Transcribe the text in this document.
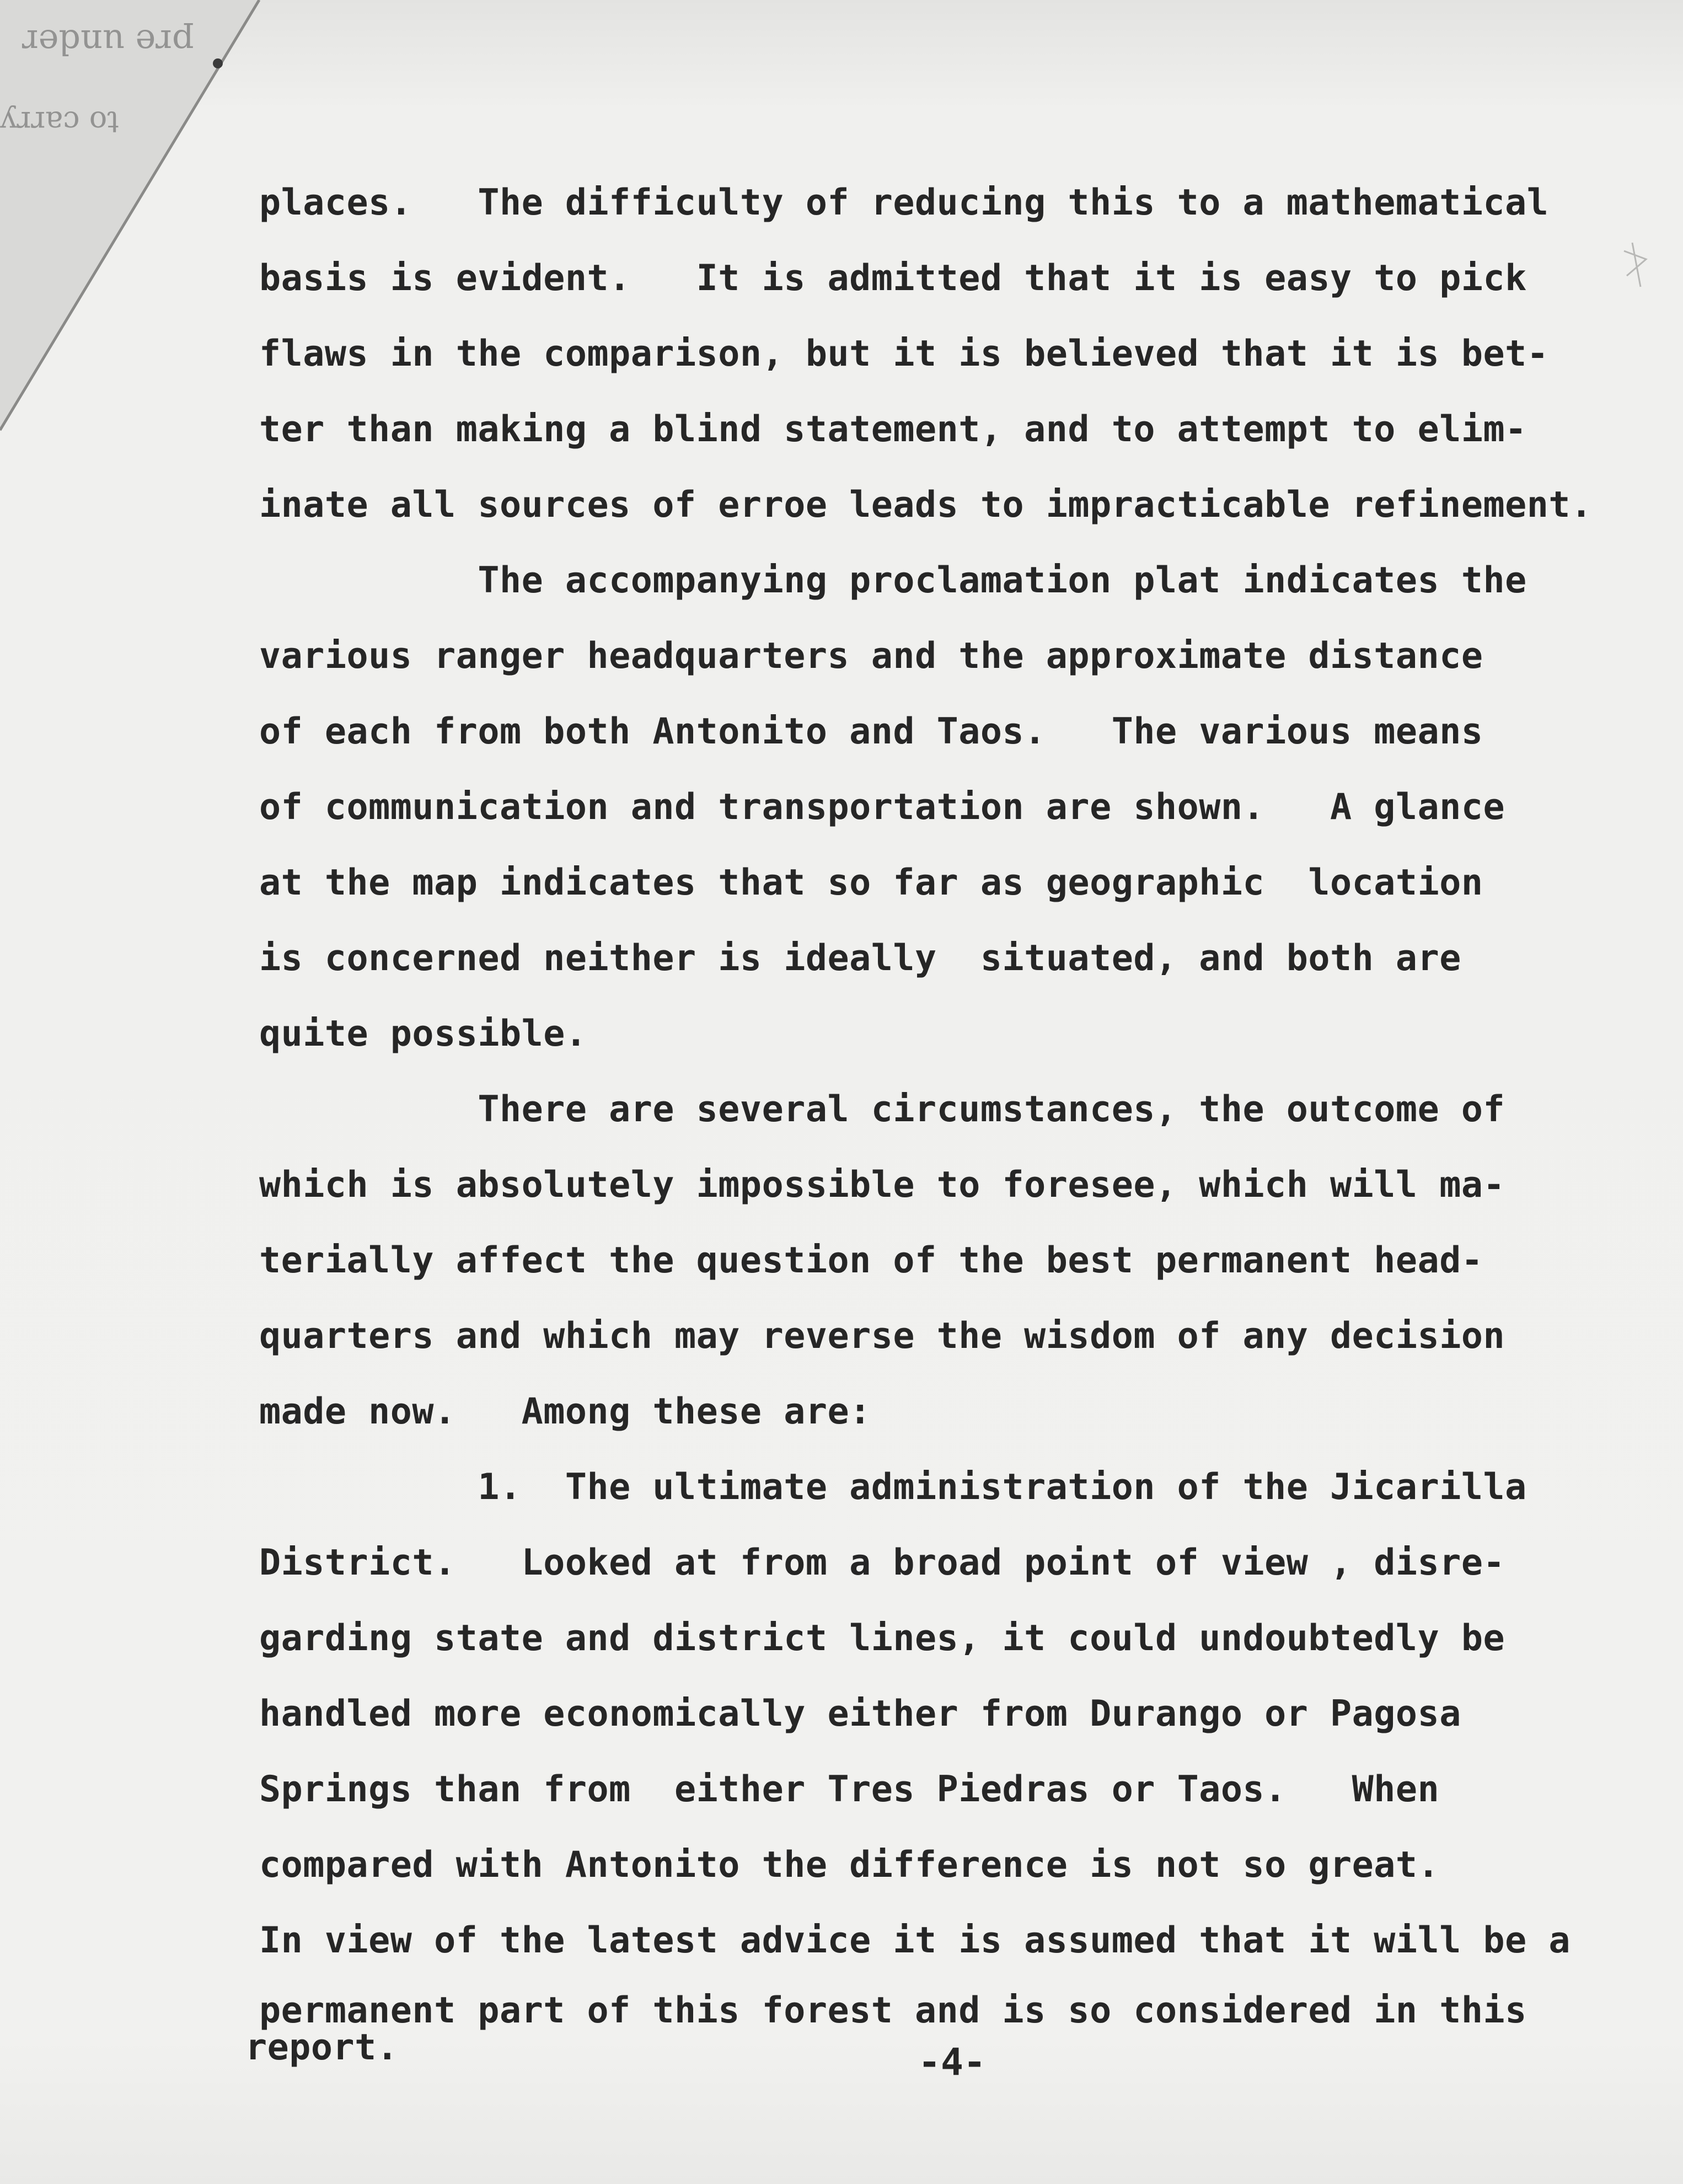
pre under
to carry
places.   The difficulty of reducing this to a mathematical
basis is evident.   It is admitted that it is easy to pick
flaws in the comparison, but it is believed that it is bet-
ter than making a blind statement, and to attempt to elim-
inate all sources of erroe leads to impracticable refinement.
The accompanying proclamation plat indicates the
various ranger headquarters and the approximate distance
of each from both Antonito and Taos.   The various means
of communication and transportation are shown.   A glance
at the map indicates that so far as geographic  location
is concerned neither is ideally  situated, and both are
quite possible.
There are several circumstances, the outcome of
which is absolutely impossible to foresee, which will ma-
terially affect the question of the best permanent head-
quarters and which may reverse the wisdom of any decision
made now.   Among these are:
1.  The ultimate administration of the Jicarilla
District.   Looked at from a broad point of view , disre-
garding state and district lines, it could undoubtedly be
handled more economically either from Durango or Pagosa
Springs than from  either Tres Piedras or Taos.   When
compared with Antonito the difference is not so great.
In view of the latest advice it is assumed that it will be a
permanent part of this forest and is so considered in this
report.	-4-
